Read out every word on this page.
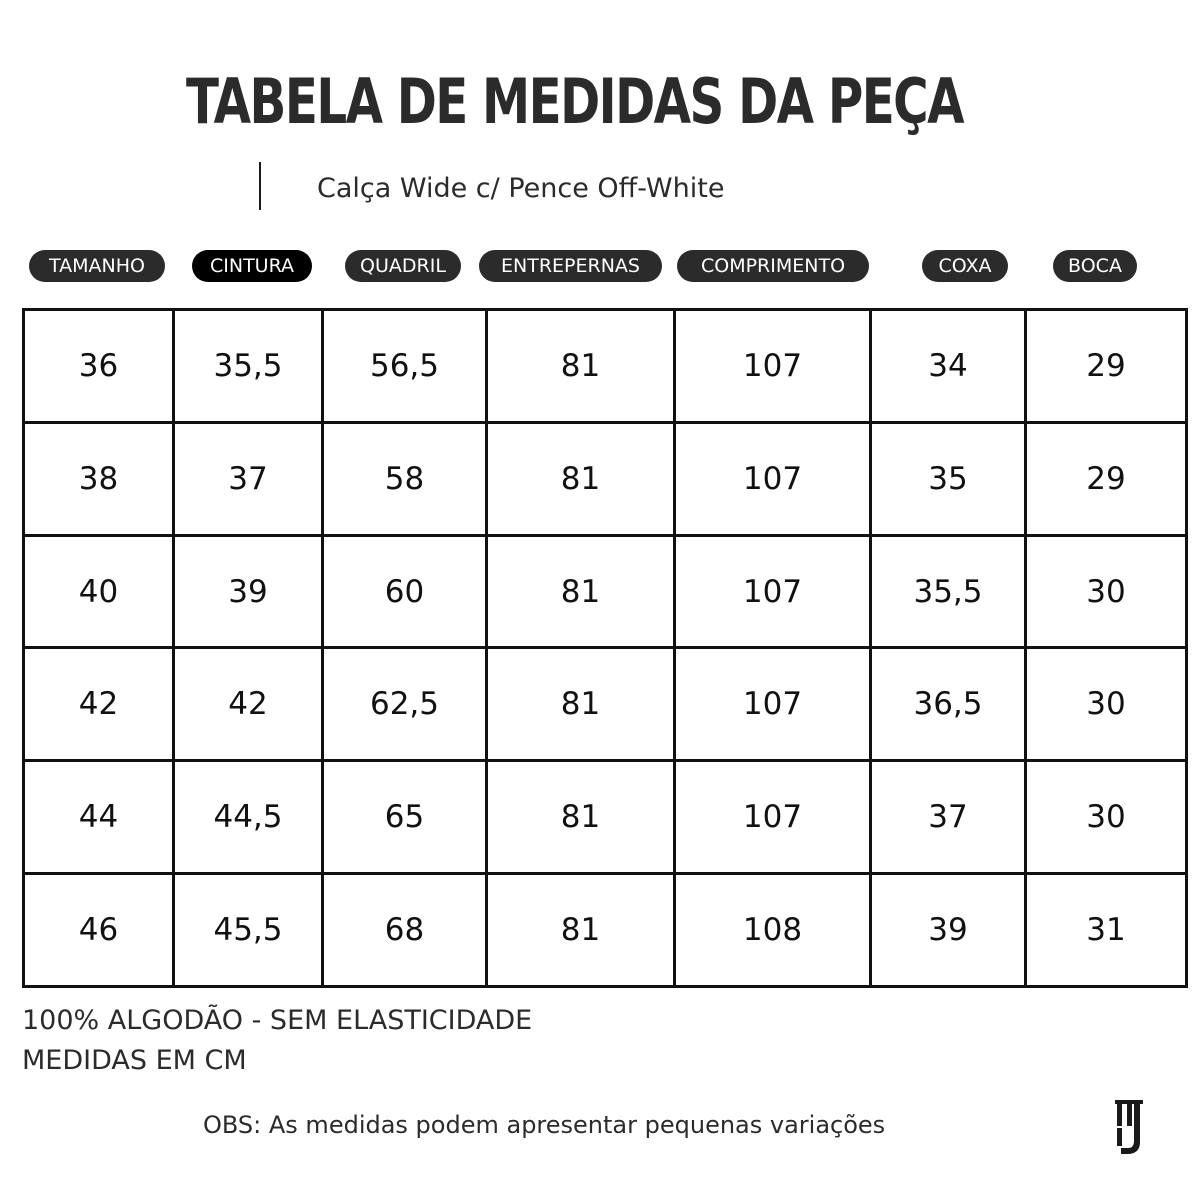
TABELA DE MEDIDAS DA PEÇA
Calça Wide c/ Pence Off-White
TAMANHO	CINTURA	QUADRIL	ENTREPERNAS	COMPRIMENTO	COXA	BOCA
36	35,5	56,5	81	107	34	29
38	37	58	81	107	35	29
40	39	60	81	107	35,5	30
42	42	62,5	81	107	36,5	30
44	44,5	65	81	107	37	30
46	45,5	68	81	108	39	31
100% ALGODÃO - SEM ELASTICIDADE
MEDIDAS EM CM
OBS: As medidas podem apresentar pequenas variações
